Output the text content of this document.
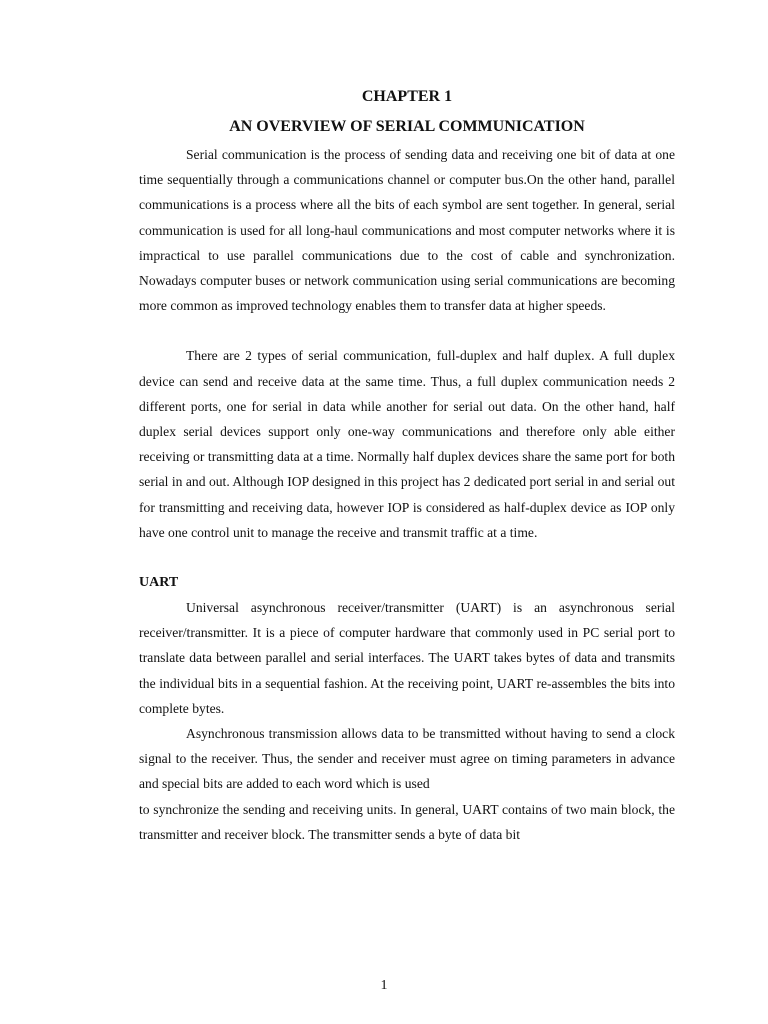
CHAPTER 1
AN OVERVIEW OF SERIAL COMMUNICATION

Serial communication is the process of sending data and receiving one bit of data at one time sequentially through a communications channel or computer bus.On the other hand, parallel communications is a process where all the bits of each symbol are sent together. In general, serial communication is used for all long-haul communications and most computer networks where it is impractical to use parallel communications due to the cost of cable and synchronization. Nowadays computer buses or network communication using serial communications are becoming more common as improved technology enables them to transfer data at higher speeds.

There are 2 types of serial communication, full-duplex and half duplex. A full duplex device can send and receive data at the same time. Thus, a full duplex communication needs 2 different ports, one for serial in data while another for serial out data. On the other hand, half duplex serial devices support only one-way communications and therefore only able either receiving or transmitting data at a time. Normally half duplex devices share the same port for both serial in and out. Although IOP designed in this project has 2 dedicated port serial in and serial out for transmitting and receiving data, however IOP is considered as half-duplex device as IOP only have one control unit to manage the receive and transmit traffic at a time.

UART

Universal asynchronous receiver/transmitter (UART) is an asynchronous serial receiver/transmitter. It is a piece of computer hardware that commonly used in PC serial port to translate data between parallel and serial interfaces. The UART takes bytes of data and transmits the individual bits in a sequential fashion. At the receiving point, UART re-assembles the bits into complete bytes.

Asynchronous transmission allows data to be transmitted without having to send a clock signal to the receiver. Thus, the sender and receiver must agree on timing parameters in advance and special bits are added to each word which is used

to synchronize the sending and receiving units. In general, UART contains of two main block, the transmitter and receiver block. The transmitter sends a byte of data bit

1
